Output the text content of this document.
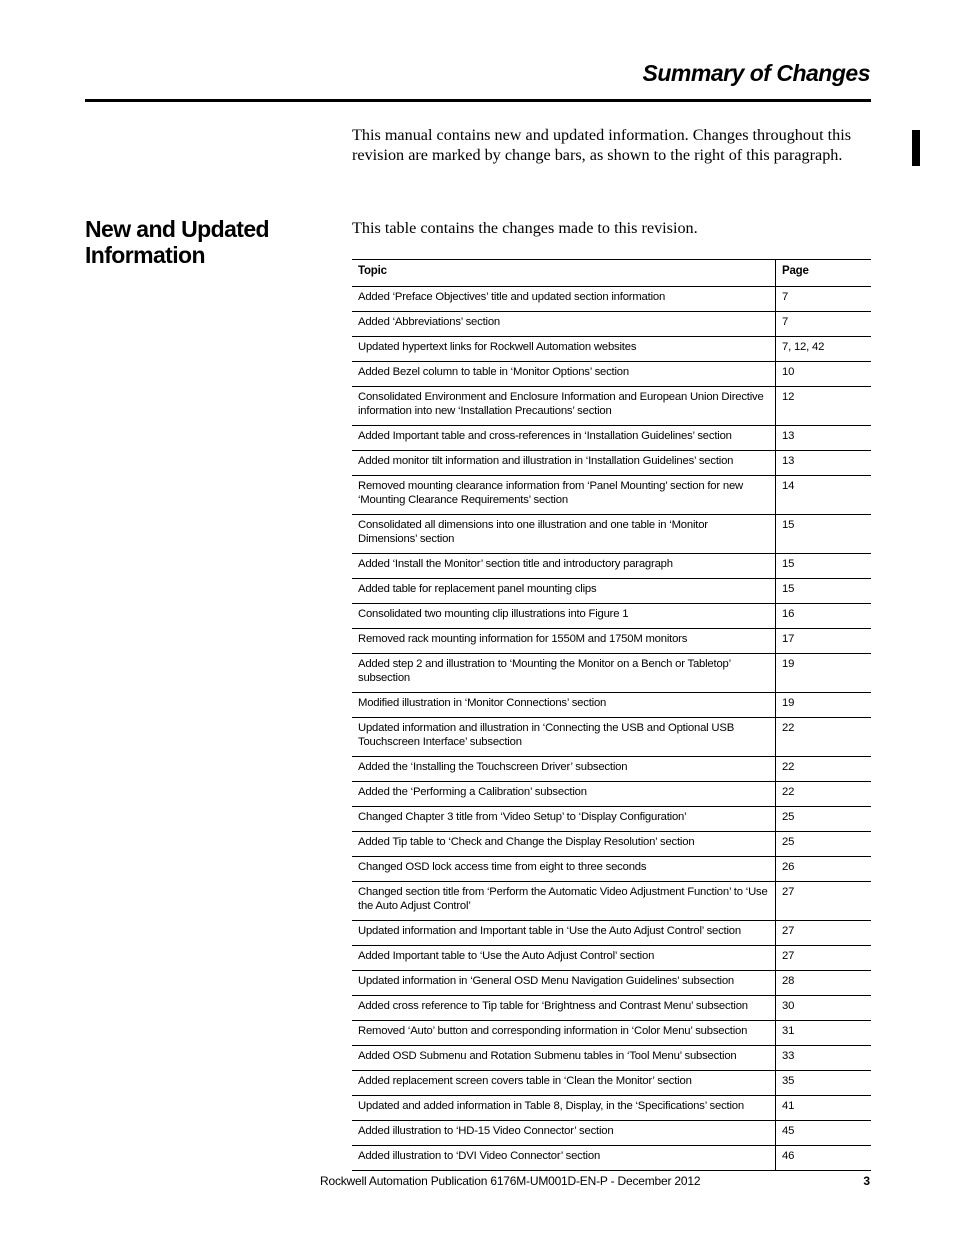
Summary of Changes

This manual contains new and updated information. Changes throughout this revision are marked by change bars, as shown to the right of this paragraph.

New and Updated Information

This table contains the changes made to this revision.

Topic	Page
Added ‘Preface Objectives’ title and updated section information	7
Added ‘Abbreviations’ section	7
Updated hypertext links for Rockwell Automation websites	7, 12, 42
Added Bezel column to table in ‘Monitor Options’ section	10
Consolidated Environment and Enclosure Information and European Union Directive information into new ‘Installation Precautions’ section	12
Added Important table and cross-references in ‘Installation Guidelines’ section	13
Added monitor tilt information and illustration in ‘Installation Guidelines’ section	13
Removed mounting clearance information from ‘Panel Mounting’ section for new ‘Mounting Clearance Requirements’ section	14
Consolidated all dimensions into one illustration and one table in ‘Monitor Dimensions’ section	15
Added ‘Install the Monitor’ section title and introductory paragraph	15
Added table for replacement panel mounting clips	15
Consolidated two mounting clip illustrations into Figure 1	16
Removed rack mounting information for 1550M and 1750M monitors	17
Added step 2 and illustration to ‘Mounting the Monitor on a Bench or Tabletop’ subsection	19
Modified illustration in ‘Monitor Connections’ section	19
Updated information and illustration in ‘Connecting the USB and Optional USB Touchscreen Interface’ subsection	22
Added the ‘Installing the Touchscreen Driver’ subsection	22
Added the ‘Performing a Calibration’ subsection	22
Changed Chapter 3 title from ‘Video Setup’ to ‘Display Configuration’	25
Added Tip table to ‘Check and Change the Display Resolution’ section	25
Changed OSD lock access time from eight to three seconds	26
Changed section title from ‘Perform the Automatic Video Adjustment Function’ to ‘Use the Auto Adjust Control’	27
Updated information and Important table in ‘Use the Auto Adjust Control’ section	27
Added Important table to ‘Use the Auto Adjust Control’ section	27
Updated information in ‘General OSD Menu Navigation Guidelines’ subsection	28
Added cross reference to Tip table for ‘Brightness and Contrast Menu’ subsection	30
Removed ‘Auto’ button and corresponding information in ‘Color Menu’ subsection	31
Added OSD Submenu and Rotation Submenu tables in ‘Tool Menu’ subsection	33
Added replacement screen covers table in ‘Clean the Monitor’ section	35
Updated and added information in Table 8, Display, in the ‘Specifications’ section	41
Added illustration to ‘HD-15 Video Connector’ section	45
Added illustration to ‘DVI Video Connector’ section	46

Rockwell Automation Publication 6176M-UM001D-EN-P - December 2012	3
